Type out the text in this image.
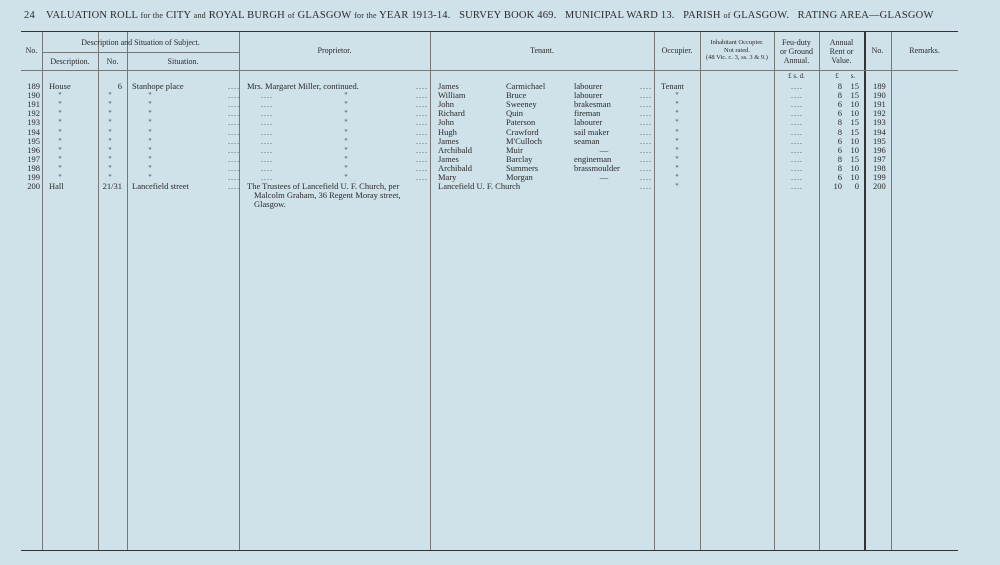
24 VALUATION ROLL for the CITY and ROYAL BURGH of GLASGOW for the YEAR 1913-14. SURVEY BOOK 469. MUNICIPAL WARD 13. PARISH of GLASGOW. RATING AREA—GLASGOW
No.
Description and Situation of Subject.
Description.	No.	Situation.
Proprietor.	Tenant.	Occupier.
Inhabitant Occupier.
Not rated.
(48 Vic. c. 3, ss. 3 & 9.)
Feu-duty
or Ground
Annual.
Annual
Rent or
Value.
No.	Remarks.
£ s. d.	£	s.
189 House	6 Stanhope place	.... Mrs. Margaret Miller, continued.	.... James	Carmichael	labourer	.... Tenant	....	8	15 189
190	"	"	"	....	....	"	.... William	Bruce	labourer	....	"	....	8	15 190
191	"	"	"	....	....	"	.... John	Sweeney	brakesman	....	"	....	6	10 191
192	"	"	"	....	....	"	.... Richard	Quin	fireman	....	"	....	6	10 192
193	"	"	"	....	....	"	.... John	Paterson	labourer	....	"	....	8	15 193
194	"	"	"	....	....	"	.... Hugh	Crawford	sail maker	....	"	....	8	15 194
195	"	"	"	....	....	"	.... James	M'Culloch	seaman	....	"	....	6	10 195
196	"	"	"	....	....	"	.... Archibald	Muir	—	....	"	....	6	10 196
197	"	"	"	....	....	"	.... James	Barclay	engineman	....	"	....	8	15 197
198	"	"	"	....	....	"	.... Archibald	Summers	brassmoulder	....	"	....	8	10 198
199	"	"	"	....	....	"	.... Mary	Morgan	—	....	"	....	6	10 199
200 Hall	21/31 Lancefield street	.... The Trustees of Lancefield U. F. Church, per
Malcolm Graham, 36 Regent Moray street,
Glasgow.
Lancefield U. F. Church	....	"	....	10	0 200
